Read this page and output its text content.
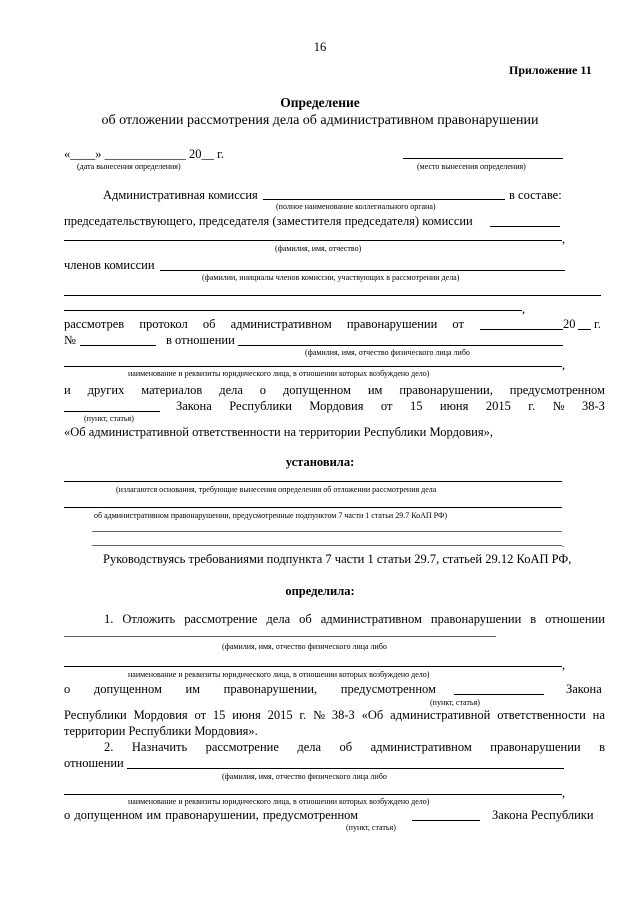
16
Приложение 11
Определение
об отложении рассмотрения дела об административном правонарушении
«____» _____________ 20__ г.
(дата вынесения определения)	(место вынесения определения)
Административная комиссия	в составе:
(полное наименование коллегиального органа)
председательствующего, председателя (заместителя председателя) комиссии
,
(фамилия, имя, отчество)
членов комиссии
(фамилии, инициалы членов комиссии, участвующих в рассмотрении дела)
,
рассмотрев протокол об административном правонарушении от	20 г.
№	в отношении
(фамилия, имя, отчество физического лица либо
,
наименование и реквизиты юридического лица, в отношении которых возбуждено дело)
и других материалов дела о допущенном им правонарушении, предусмотренном
Закона Республики Мордовия от 15 июня 2015 г. № 38-З
(пункт, статья)
«Об административной ответственности на территории Республики Мордовия»,
установила:
(излагаются основания, требующие вынесения определения об отложении рассмотрения дела
об административном правонарушении, предусмотренные подпунктом 7 части 1 статьи 29.7 КоАП РФ)
.
Руководствуясь требованиями подпункта 7 части 1 статьи 29.7, статьей 29.12 КоАП РФ,
определила:
1. Отложить рассмотрение дела об административном правонарушении в отношении
(фамилия, имя, отчество физического лица либо
,
наименование и реквизиты юридического лица, в отношении которых возбуждено дело)
о допущенном им правонарушении, предусмотренном	Закона
(пункт, статья)
Республики Мордовия от 15 июня 2015 г. № 38-З «Об административной ответственности на
территории Республики Мордовия».
2. Назначить рассмотрение дела об административном правонарушении в
отношении
(фамилия, имя, отчество физического лица либо
,
наименование и реквизиты юридического лица, в отношении которых возбуждено дело)
о допущенном им правонарушении, предусмотренном	Закона Республики
(пункт, статья)
